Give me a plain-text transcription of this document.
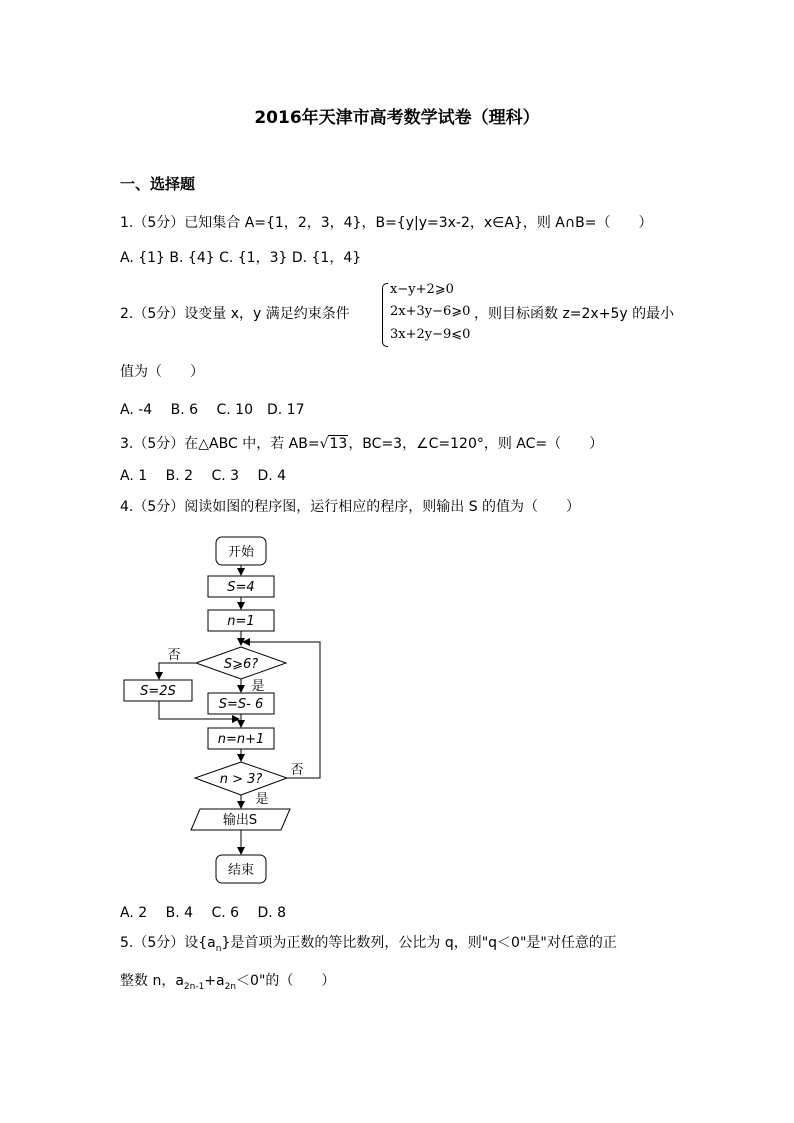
2016年天津市高考数学试卷（理科）
一、选择题
1.（5分）已知集合 A={1，2，3，4}，B={y|y=3x-2，x∈A}，则 A∩B=（　　）
A. {1} B. {4} C. {1，3} D. {1，4}
2.（5分）设变量 x，y 满足约束条件
x−y+2⩾0
2x+3y−6⩾0
3x+2y−9⩽0
，则目标函数 z=2x+5y 的最小
值为（　　）
A. -4　 B. 6　 C. 10　D. 17
3.（5分）在△ABC 中，若 AB=√13，BC=3，∠C=120°，则 AC=（　　）
A. 1　 B. 2　 C. 3　 D. 4
4.（5分）阅读如图的程序图，运行相应的程序，则输出 S 的值为（　　）
开始
S=4
n=1
S⩾6?
否
是
S=2S
S=S- 6
n=n+1
n > 3?
否
是
输出S
结束
A. 2　 B. 4　 C. 6　 D. 8
5.（5分）设$\{a_n\}$是首项为正数的等比数列，公比为 q，则"q＜0"是"对任意的正
整数 n，$a_{2n-1}+a_{2n}<0$"的（　　）
